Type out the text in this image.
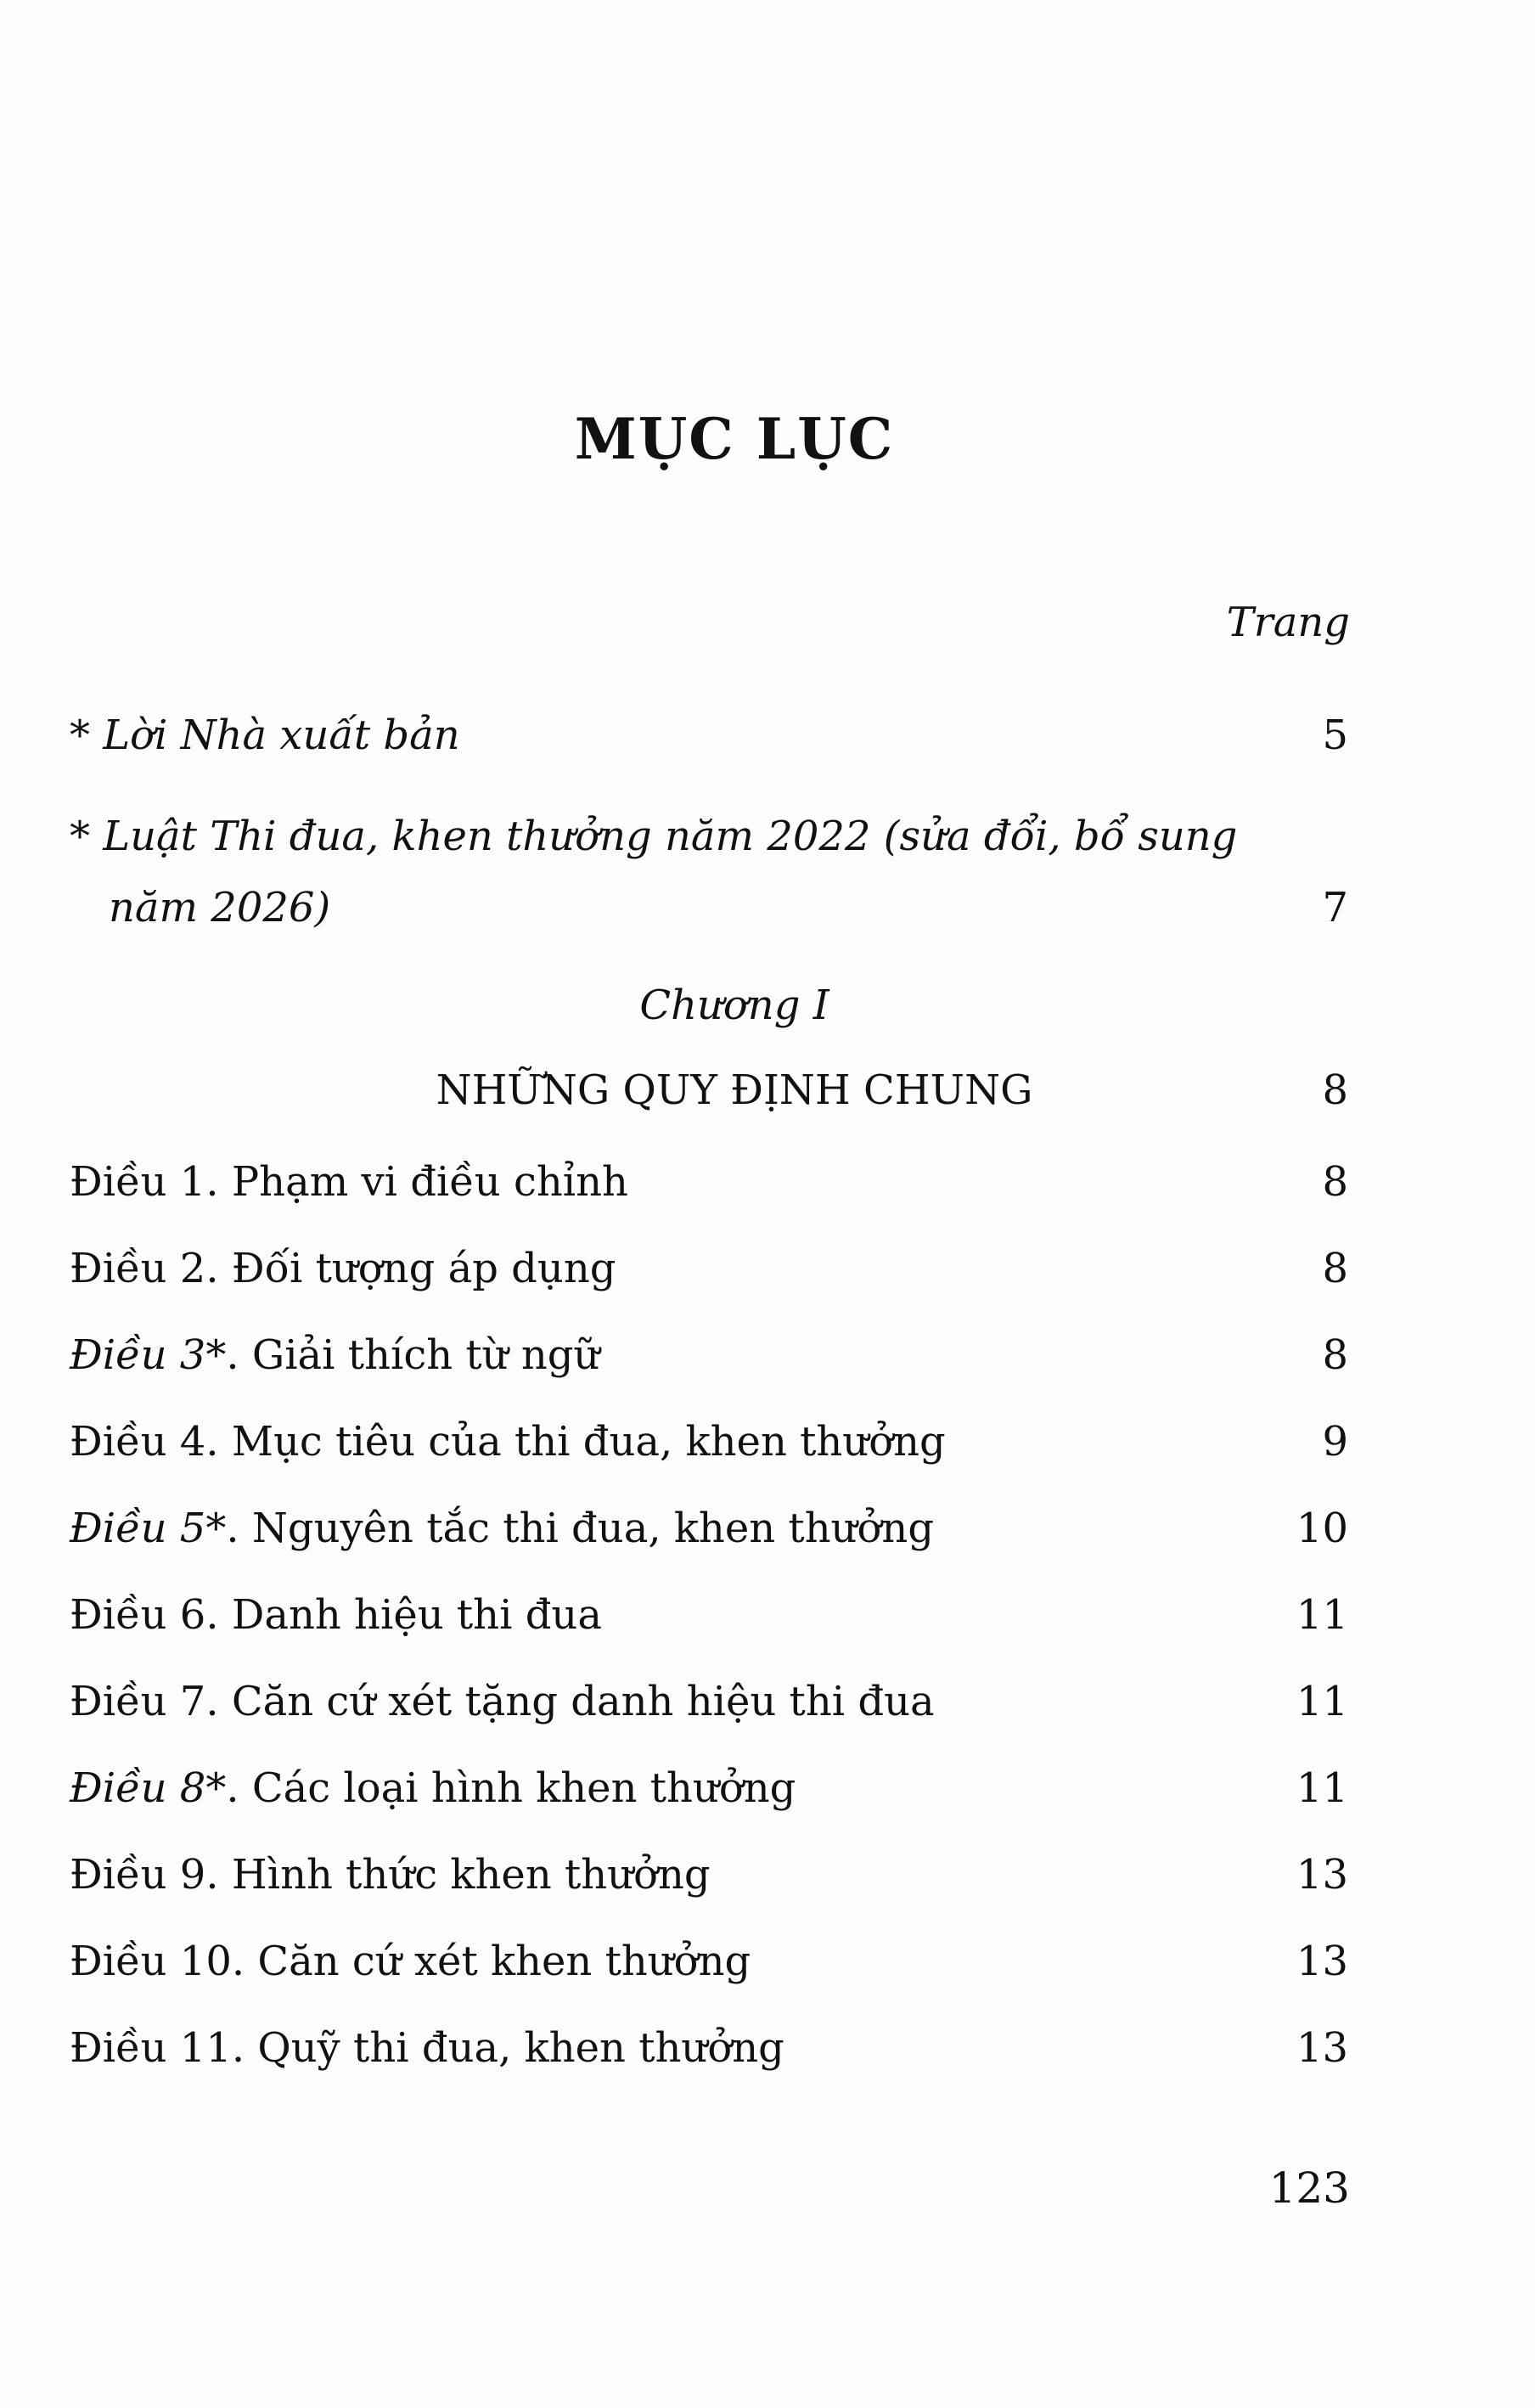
MỤC LỤC
Trang
* Lời Nhà xuất bản	5
* Luật Thi đua, khen thưởng năm 2022 (sửa đổi, bổ sung
năm 2026)	7
Chương I
NHỮNG QUY ĐỊNH CHUNG	8
Điều 1. Phạm vi điều chỉnh	8
Điều 2. Đối tượng áp dụng	8
Điều 3*. Giải thích từ ngữ	8
Điều 4. Mục tiêu của thi đua, khen thưởng	9
Điều 5*. Nguyên tắc thi đua, khen thưởng	10
Điều 6. Danh hiệu thi đua	11
Điều 7. Căn cứ xét tặng danh hiệu thi đua	11
Điều 8*. Các loại hình khen thưởng	11
Điều 9. Hình thức khen thưởng	13
Điều 10. Căn cứ xét khen thưởng	13
Điều 11. Quỹ thi đua, khen thưởng	13
123
